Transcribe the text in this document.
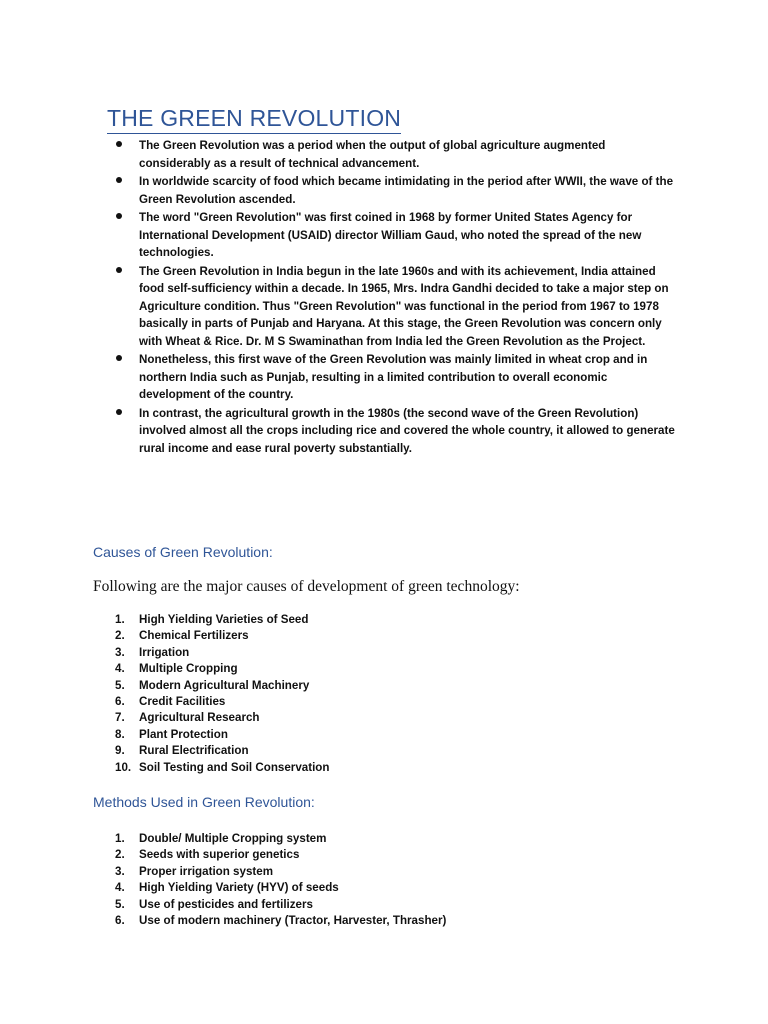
THE GREEN REVOLUTION
The Green Revolution was a period when the output of global agriculture augmented considerably as a result of technical advancement.
In worldwide scarcity of food which became intimidating in the period after WWII, the wave of the Green Revolution ascended.
The word "Green Revolution" was first coined in 1968 by former United States Agency for International Development (USAID) director William Gaud, who noted the spread of the new technologies.
The Green Revolution in India begun in the late 1960s and with its achievement, India attained food self-sufficiency within a decade. In 1965, Mrs. Indra Gandhi decided to take a major step on Agriculture condition. Thus "Green Revolution" was functional in the period from 1967 to 1978 basically in parts of Punjab and Haryana. At this stage, the Green Revolution was concern only with Wheat & Rice. Dr. M S Swaminathan from India led the Green Revolution as the Project.
Nonetheless, this first wave of the Green Revolution was mainly limited in wheat crop and in northern India such as Punjab, resulting in a limited contribution to overall economic development of the country.
In contrast, the agricultural growth in the 1980s (the second wave of the Green Revolution) involved almost all the crops including rice and covered the whole country, it allowed to generate rural income and ease rural poverty substantially.
Causes of Green Revolution:

Following are the major causes of development of green technology:

1. High Yielding Varieties of Seed
2. Chemical Fertilizers
3. Irrigation
4. Multiple Cropping
5. Modern Agricultural Machinery
6. Credit Facilities
7. Agricultural Research
8. Plant Protection
9. Rural Electrification
10. Soil Testing and Soil Conservation
Methods Used in Green Revolution:
1. Double/ Multiple Cropping system
2. Seeds with superior genetics
3. Proper irrigation system
4. High Yielding Variety (HYV) of seeds
5. Use of pesticides and fertilizers
6. Use of modern machinery (Tractor, Harvester, Thrasher)
